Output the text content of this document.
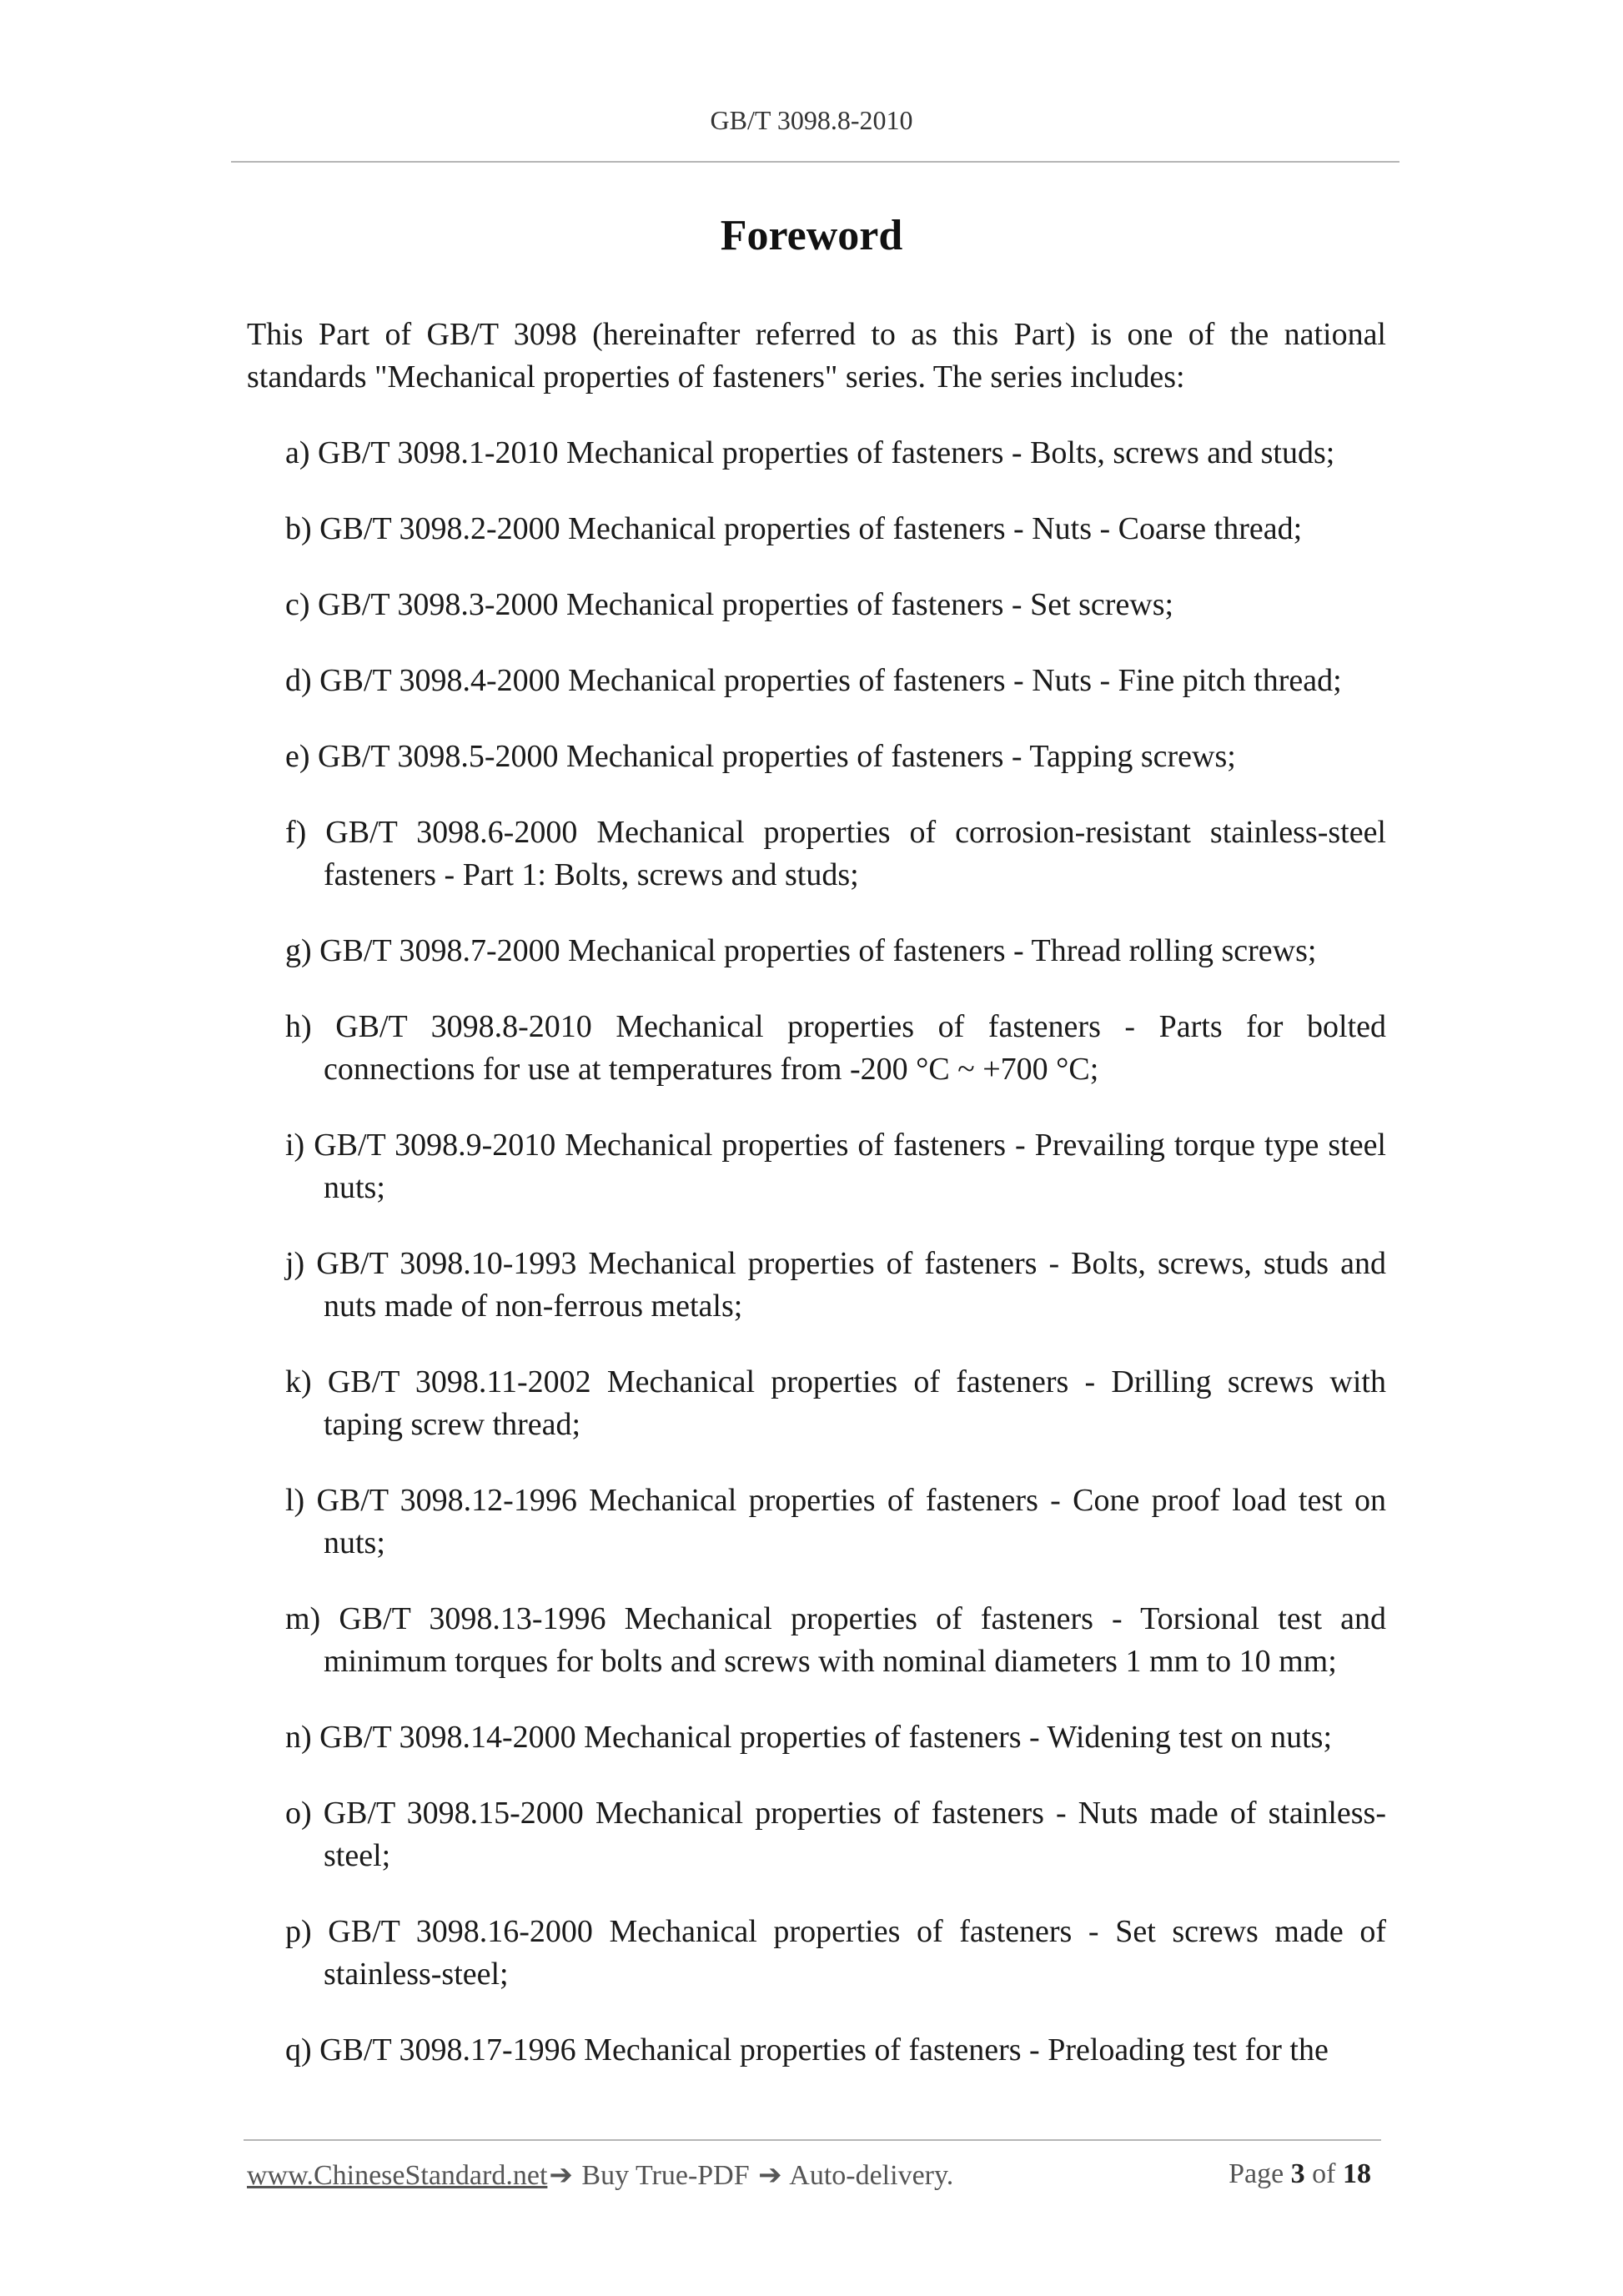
GB/T 3098.8-2010
Foreword

This Part of GB/T 3098 (hereinafter referred to as this Part) is one of the national standards "Mechanical properties of fasteners" series. The series includes:

a) GB/T 3098.1-2010 Mechanical properties of fasteners - Bolts, screws and studs;
b) GB/T 3098.2-2000 Mechanical properties of fasteners - Nuts - Coarse thread;
c) GB/T 3098.3-2000 Mechanical properties of fasteners - Set screws;
d) GB/T 3098.4-2000 Mechanical properties of fasteners - Nuts - Fine pitch thread;
e) GB/T 3098.5-2000 Mechanical properties of fasteners - Tapping screws;
f) GB/T 3098.6-2000 Mechanical properties of corrosion-resistant stainless-steel fasteners - Part 1: Bolts, screws and studs;
g) GB/T 3098.7-2000 Mechanical properties of fasteners - Thread rolling screws;
h) GB/T 3098.8-2010 Mechanical properties of fasteners - Parts for bolted connections for use at temperatures from -200 °C ~ +700 °C;
i) GB/T 3098.9-2010 Mechanical properties of fasteners - Prevailing torque type steel nuts;
j) GB/T 3098.10-1993 Mechanical properties of fasteners - Bolts, screws, studs and nuts made of non-ferrous metals;
k) GB/T 3098.11-2002 Mechanical properties of fasteners - Drilling screws with taping screw thread;
l) GB/T 3098.12-1996 Mechanical properties of fasteners - Cone proof load test on nuts;
m) GB/T 3098.13-1996 Mechanical properties of fasteners - Torsional test and minimum torques for bolts and screws with nominal diameters 1 mm to 10 mm;
n) GB/T 3098.14-2000 Mechanical properties of fasteners - Widening test on nuts;
o) GB/T 3098.15-2000 Mechanical properties of fasteners - Nuts made of stainless-steel;
p) GB/T 3098.16-2000 Mechanical properties of fasteners - Set screws made of stainless-steel;
q) GB/T 3098.17-1996 Mechanical properties of fasteners - Preloading test for the
www.ChineseStandard.net➔ Buy True-PDF ➔ Auto-delivery.	Page 3 of 18
